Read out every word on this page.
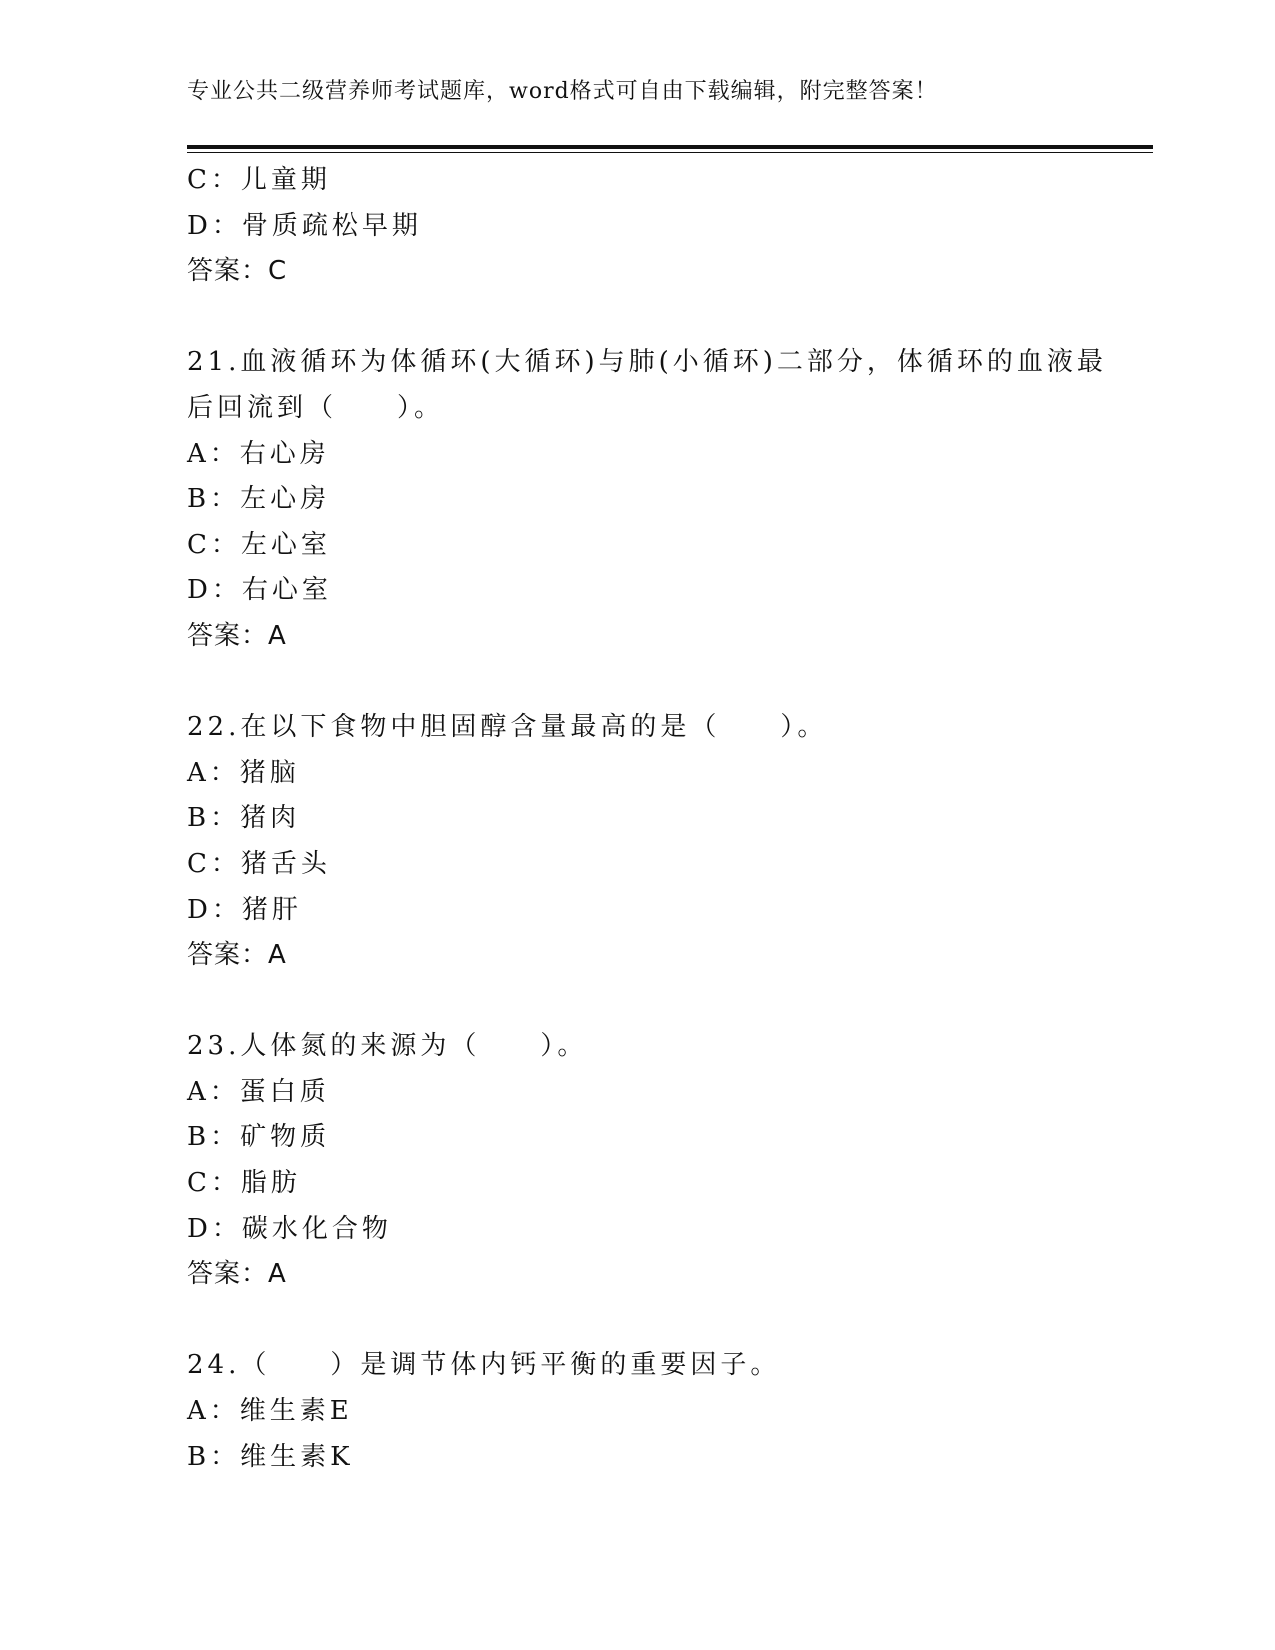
专业公共二级营养师考试题库，word格式可自由下载编辑，附完整答案！
C：儿童期
D：骨质疏松早期
答案：C
21.血液循环为体循环(大循环)与肺(小循环)二部分，体循环的血液最
后回流到（　　）。
A：右心房
B：左心房
C：左心室
D：右心室
答案：A
22.在以下食物中胆固醇含量最高的是（　　）。
A：猪脑
B：猪肉
C：猪舌头
D：猪肝
答案：A
23.人体氮的来源为（　　）。
A：蛋白质
B：矿物质
C：脂肪
D：碳水化合物
答案：A
24.（　　）是调节体内钙平衡的重要因子。
A：维生素E
B：维生素K
